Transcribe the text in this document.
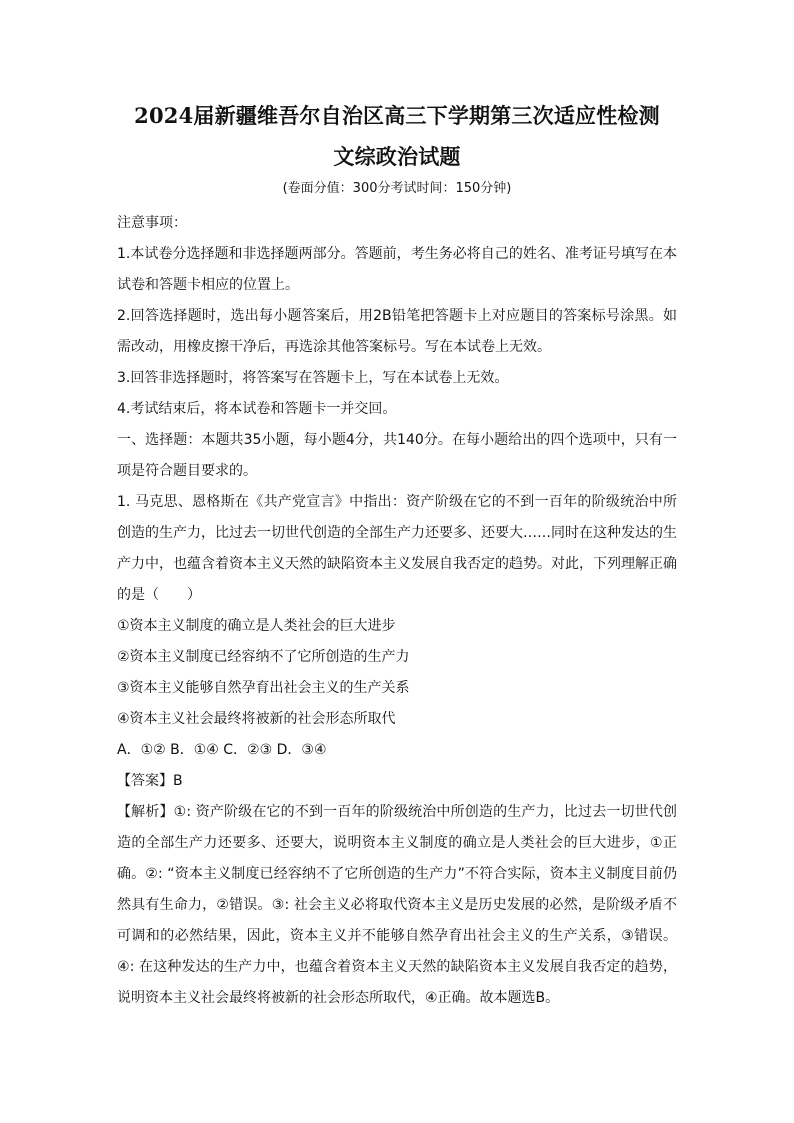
2024届新疆维吾尔自治区高三下学期第三次适应性检测
文综政治试题
(卷面分值：300分考试时间：150分钟)

注意事项：

1.本试卷分选择题和非选择题两部分。答题前，考生务必将自己的姓名、准考证号填写在本试卷和答题卡相应的位置上。

2.回答选择题时，选出每小题答案后，用2B铅笔把答题卡上对应题目的答案标号涂黑。如需改动，用橡皮擦干净后，再选涂其他答案标号。写在本试卷上无效。

3.回答非选择题时，将答案写在答题卡上，写在本试卷上无效。

4.考试结束后，将本试卷和答题卡一并交回。

一、选择题：本题共35小题，每小题4分，共140分。在每小题给出的四个选项中，只有一项是符合题目要求的。

1. 马克思、恩格斯在《共产党宣言》中指出：资产阶级在它的不到一百年的阶级统治中所创造的生产力，比过去一切世代创造的全部生产力还要多、还要大……同时在这种发达的生产力中，也蕴含着资本主义天然的缺陷资本主义发展自我否定的趋势。对此，下列理解正确的是（　　）

①资本主义制度的确立是人类社会的巨大进步

②资本主义制度已经容纳不了它所创造的生产力

③资本主义能够自然孕育出社会主义的生产关系

④资本主义社会最终将被新的社会形态所取代

A．①② B．①④ C．②③ D．③④

【答案】B

【解析】①: 资产阶级在它的不到一百年的阶级统治中所创造的生产力，比过去一切世代创造的全部生产力还要多、还要大，说明资本主义制度的确立是人类社会的巨大进步，①正确。②: “资本主义制度已经容纳不了它所创造的生产力”不符合实际，资本主义制度目前仍然具有生命力，②错误。③: 社会主义必将取代资本主义是历史发展的必然，是阶级矛盾不可调和的必然结果，因此，资本主义并不能够自然孕育出社会主义的生产关系，③错误。④: 在这种发达的生产力中，也蕴含着资本主义天然的缺陷资本主义发展自我否定的趋势，说明资本主义社会最终将被新的社会形态所取代，④正确。故本题选B。
